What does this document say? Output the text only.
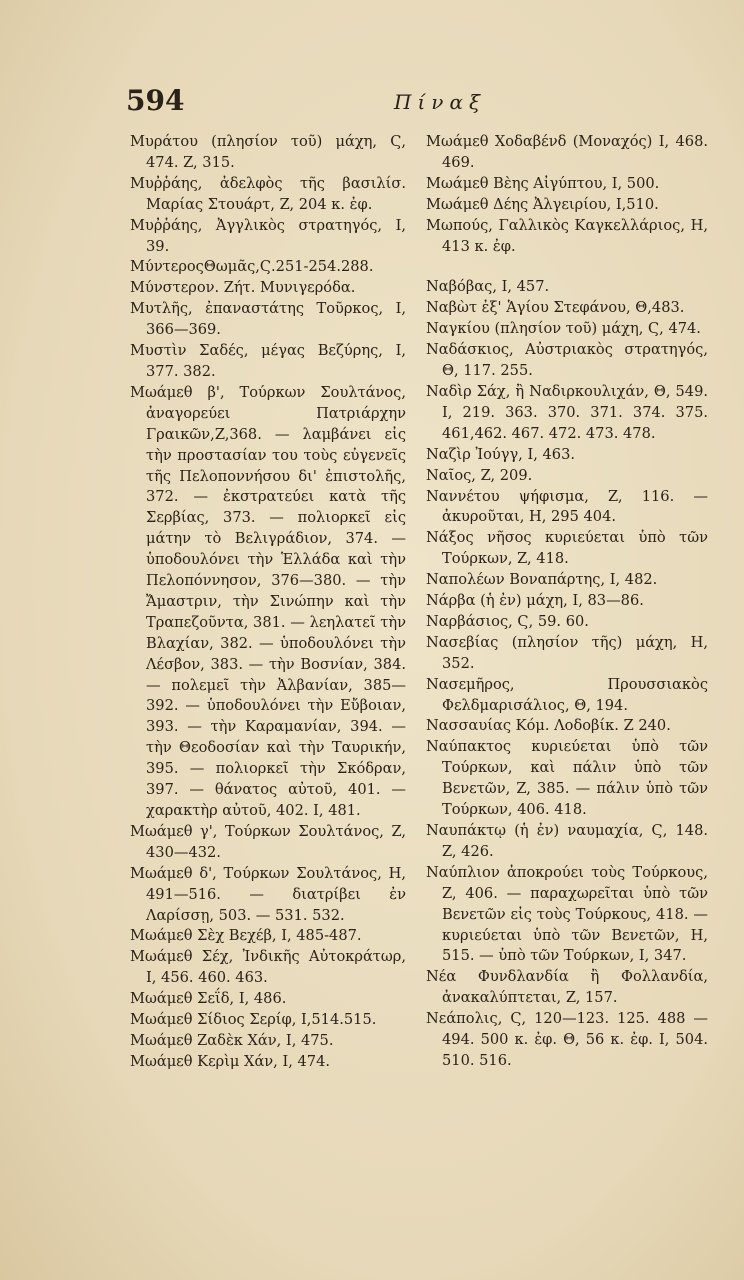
594	Πίναξ

Μυράτου (πλησίον τοῦ) μάχη, Ϛ, 474. Z, 315.

Μυῤῥάης, ἀδελφὸς τῆς βασιλίσ. Μαρίας Στουάρτ, Z, 204 κ. ἐφ.

Μυῤῥάης, Ἀγγλικὸς στρατηγός, I, 39.

ΜύντεροςΘωμᾶς,Ϛ.251-254.288.

Μύνστερον. Ζήτ. Μυνιγερόδα.

Μυτλῆς, ἐπαναστάτης Τοῦρκος, I, 366—369.

Μυστὶν Σαδές, μέγας Βεζύρης, I, 377. 382.

Μωάμεθ β', Τούρκων Σουλτάνος, ἀναγορεύει Πατριάρχην Γραικῶν,Z,368. — λαμβάνει εἰς τὴν προστασίαν του τοὺς εὐγενεῖς τῆς Πελοποννήσου δι' ἐπιστολῆς, 372. — ἐκστρατεύει κατὰ τῆς Σερβίας, 373. — πολιορκεῖ εἰς μάτην τὸ Βελιγράδιον, 374. — ὑποδουλόνει τὴν Ἑλλάδα καὶ τὴν Πελοπόννησον, 376—380. — τὴν Ἄμαστριν, τὴν Σινώπην καὶ τὴν Τραπεζοῦντα, 381. — λεηλατεῖ τὴν Βλαχίαν, 382. — ὑποδουλόνει τὴν Λέσβον, 383. — τὴν Βοσνίαν, 384. — πολεμεῖ τὴν Ἀλβανίαν, 385—392. — ὑποδουλόνει τὴν Εὔβοιαν, 393. — τὴν Καραμανίαν, 394. — τὴν Θεοδοσίαν καὶ τὴν Ταυρικήν, 395. — πολιορκεῖ τὴν Σκόδραν, 397. — θάνατος αὐτοῦ, 401. — χαρακτὴρ αὐτοῦ, 402. I, 481.

Μωάμεθ γ', Τούρκων Σουλτάνος, Z, 430—432.

Μωάμεθ δ', Τούρκων Σουλτάνος, H, 491—516. — διατρίβει ἐν Λαρίσσῃ, 503. — 531. 532.

Μωάμεθ Σὲχ Βεχέβ, I, 485-487.

Μωάμεθ Σέχ, Ἰνδικῆς Αὐτοκράτωρ, I, 456. 460. 463.

Μωάμεθ Σεΐδ, I, 486.

Μωάμεθ Σίδιος Σερίφ, I,514.515.

Μωάμεθ Ζαδὲκ Χάν, I, 475.

Μωάμεθ Κερὶμ Χάν, I, 474.

Μωάμεθ Χοδαβένδ (Μοναχός) I, 468. 469.

Μωάμεθ Βὲης Αἰγύπτου, I, 500.

Μωάμεθ Δέης Ἀλγειρίου, I,510.

Μωπούς, Γαλλικὸς Καγκελλάριος, H, 413 κ. ἐφ.

Ναβόβας, I, 457.

Ναβὼτ ἐξ' Ἁγίου Στεφάνου, Θ,483.

Ναγκίου (πλησίον τοῦ) μάχη, Ϛ, 474.

Ναδάσκιος, Αὐστριακὸς στρατηγός, Θ, 117. 255.

Ναδὶρ Σάχ, ἢ Ναδιρκουλιχάν, Θ, 549. I, 219. 363. 370. 371. 374. 375. 461,462. 467. 472. 473. 478.

Ναζὶρ Ἰούγγ, I, 463.

Ναῖος, Z, 209.

Ναννέτου ψήφισμα, Z, 116. — ἀκυροῦται, H, 295 404.

Νάξος νῆσος κυριεύεται ὑπὸ τῶν Τούρκων, Z, 418.

Ναπολέων Βοναπάρτης, I, 482.

Νάρβα (ἡ ἐν) μάχη, I, 83—86.

Ναρβάσιος, Ϛ, 59. 60.

Νασεβίας (πλησίον τῆς) μάχη, H, 352.

Νασεμῆρος, Προυσσιακὸς Φελδμαρισάλιος, Θ, 194.

Νασσαυίας Κόμ. Λοδοβίκ. Z 240.

Ναύπακτος κυριεύεται ὑπὸ τῶν Τούρκων, καὶ πάλιν ὑπὸ τῶν Βενετῶν, Z, 385. — πάλιν ὑπὸ τῶν Τούρκων, 406. 418.

Ναυπάκτῳ (ἡ ἐν) ναυμαχία, Ϛ, 148. Z, 426.

Ναύπλιον ἀποκρούει τοὺς Τούρκους, Z, 406. — παραχωρεῖται ὑπὸ τῶν Βενετῶν εἰς τοὺς Τούρκους, 418. — κυριεύεται ὑπὸ τῶν Βενετῶν, H, 515. — ὑπὸ τῶν Τούρκων, I, 347.

Νέα Φυνδλανδία ἢ Φολλανδία, ἀνακαλύπτεται, Z, 157.

Νεάπολις, Ϛ, 120—123. 125. 488 —494. 500 κ. ἐφ. Θ, 56 κ. ἐφ. I, 504. 510. 516.
